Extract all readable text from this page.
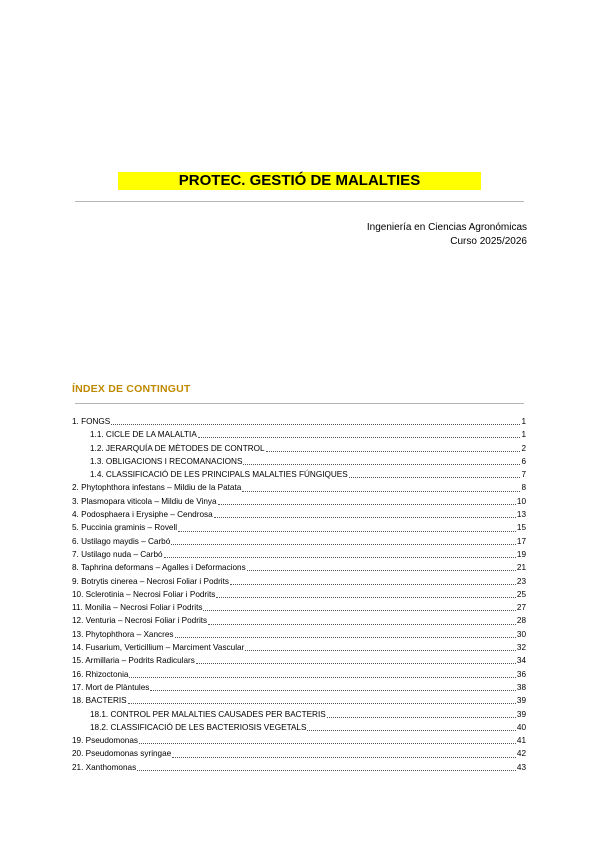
PROTEC. GESTIÓ DE MALALTIES
Ingeniería en Ciencias Agronómicas
Curso 2025/2026
ÍNDEX DE CONTINGUT
1. FONGS	1
1.1. CICLE DE LA MALALTIA	1
1.2. JERARQUÍA DE MÈTODES DE CONTROL	2
1.3. OBLIGACIONS I RECOMANACIONS	6
1.4. CLASSIFICACIÓ DE LES PRINCIPALS MALALTIES FÚNGIQUES	7
2. Phytophthora infestans – Mildiu de la Patata	8
3. Plasmopara viticola – Mildiu de Vinya	10
4. Podosphaera i Erysiphe – Cendrosa	13
5. Puccinia graminis – Rovell	15
6. Ustilago maydis – Carbó	17
7. Ustilago nuda – Carbó	19
8. Taphrina deformans – Agalles i Deformacions	21
9. Botrytis cinerea – Necrosi Foliar i Podrits	23
10. Sclerotinia – Necrosi Foliar i Podrits	25
11. Monilia – Necrosi Foliar i Podrits	27
12. Venturia – Necrosi Foliar i Podrits	28
13. Phytophthora – Xancres	30
14. Fusarium, Verticillium – Marciment Vascular	32
15. Armillaria – Podrits Radiculars	34
16. Rhizoctonia	36
17. Mort de Plàntules	38
18. BACTERIS	39
18.1. CONTROL PER MALALTIES CAUSADES PER BACTERIS	39
18.2. CLASSIFICACIÓ DE LES BACTERIOSIS VEGETALS	40
19. Pseudomonas	41
20. Pseudomonas syringae	42
21. Xanthomonas	43
